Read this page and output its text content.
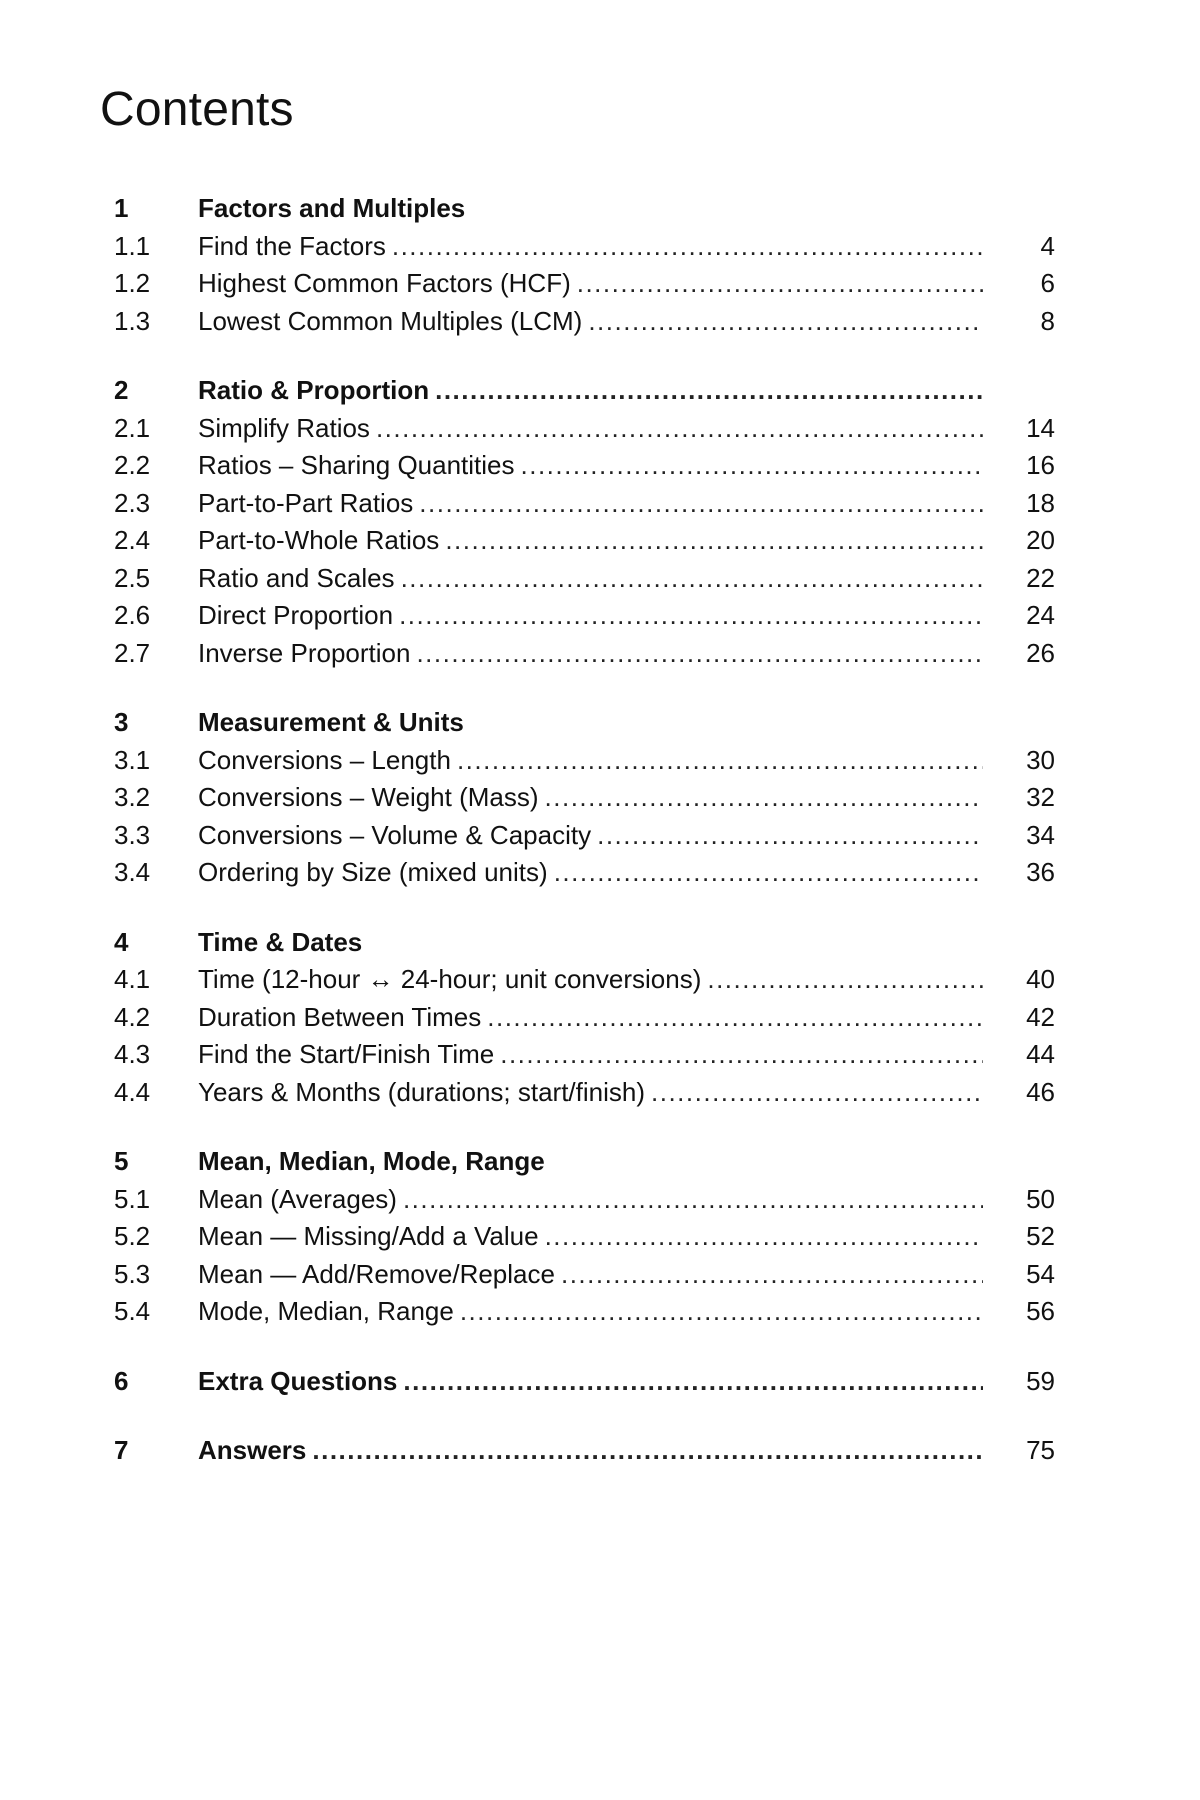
Contents
1	Factors and Multiples
1.1	Find the Factors .....	4
1.2	Highest Common Factors (HCF) .....	6
1.3	Lowest Common Multiples (LCM) .....	8
2	Ratio & Proportion
.....
2.1	Simplify Ratios .....	14
2.2	Ratios – Sharing Quantities .....	16
2.3	Part-to-Part Ratios .....	18
2.4	Part-to-Whole Ratios .....	20
2.5	Ratio and Scales .....	22
2.6	Direct Proportion .....	24
2.7	Inverse Proportion .....	26
3	Measurement & Units
3.1	Conversions – Length .....	30
3.2	Conversions – Weight (Mass) .....	32
3.3	Conversions – Volume & Capacity .....	34
3.4	Ordering by Size (mixed units) .....	36
4	Time & Dates
4.1	Time (12-hour ↔ 24-hour; unit conversions) .....	40
4.2	Duration Between Times .....	42
4.3	Find the Start/Finish Time .....	44
4.4	Years & Months (durations; start/finish) .....	46
5	Mean, Median, Mode, Range
5.1	Mean (Averages) .....	50
5.2	Mean — Missing/Add a Value .....	52
5.3	Mean — Add/Remove/Replace .....	54
5.4	Mode, Median, Range .....	56
6	Extra Questions .....	59
7	Answers .....	75
